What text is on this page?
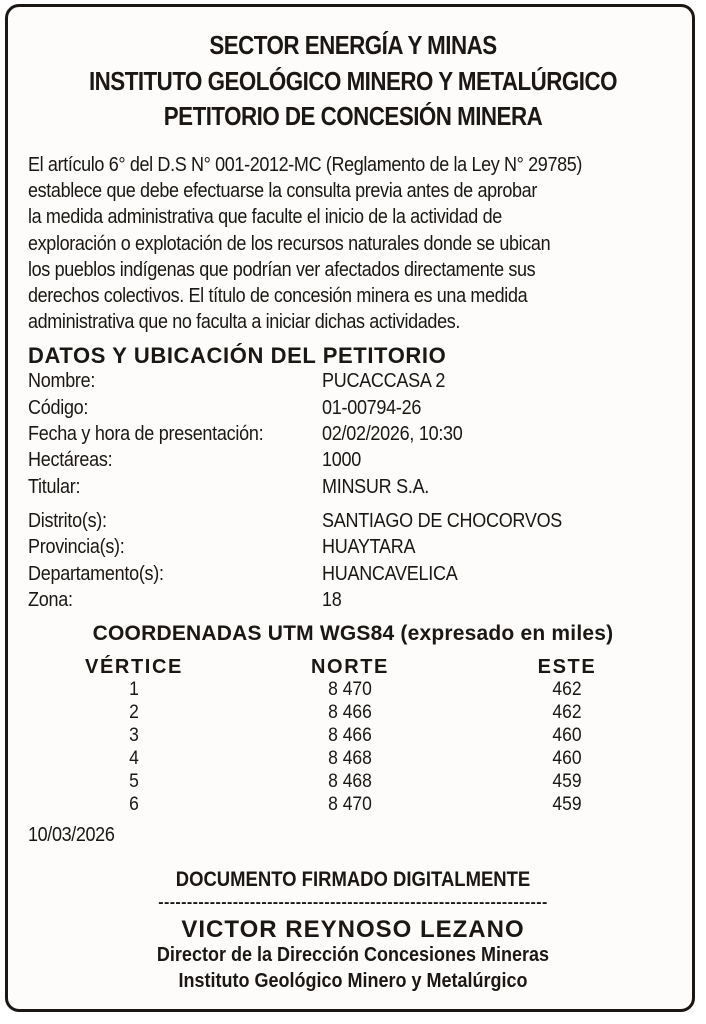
SECTOR ENERGÍA Y MINAS
INSTITUTO GEOLÓGICO MINERO Y METALÚRGICO
PETITORIO DE CONCESIÓN MINERA
El artículo 6° del D.S N° 001-2012-MC (Reglamento de la Ley N° 29785)
establece que debe efectuarse la consulta previa antes de aprobar
la medida administrativa que faculte el inicio de la actividad de
exploración o explotación de los recursos naturales donde se ubican
los pueblos indígenas que podrían ver afectados directamente sus
derechos colectivos. El título de concesión minera es una medida
administrativa que no faculta a iniciar dichas actividades.
DATOS Y UBICACIÓN DEL PETITORIO
Nombre:	PUCACCASA 2
Código:	01-00794-26
Fecha y hora de presentación:	02/02/2026, 10:30
Hectáreas:	1000
Titular:	MINSUR S.A.
Distrito(s):	SANTIAGO DE CHOCORVOS
Provincia(s):	HUAYTARA
Departamento(s):	HUANCAVELICA
Zona:	18
COORDENADAS UTM WGS84 (expresado en miles)
VÉRTICE	NORTE	ESTE
1	8 470	462
2	8 466	462
3	8 466	460
4	8 468	460
5	8 468	459
6	8 470	459
10/03/2026
DOCUMENTO FIRMADO DIGITALMENTE
--------------------------------------------------------------------
VICTOR REYNOSO LEZANO
Director de la Dirección Concesiones Mineras
Instituto Geológico Minero y Metalúrgico
